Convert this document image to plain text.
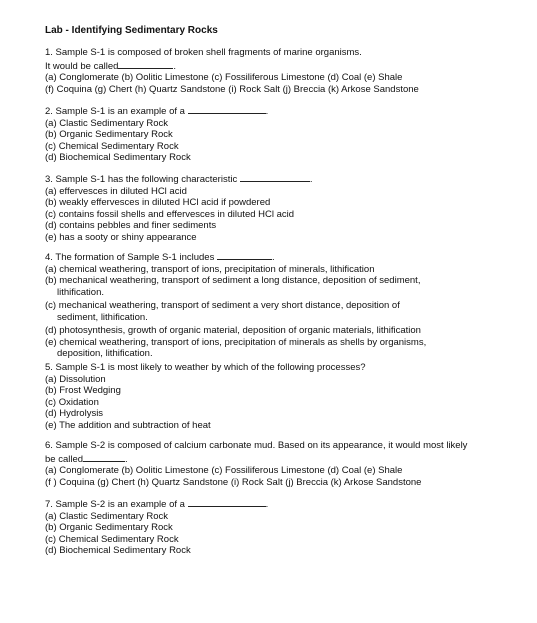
Lab - Identifying Sedimentary Rocks
1. Sample S-1 is composed of broken shell fragments of marine organisms.
It would be called	.
(a) Conglomerate (b) Oolitic Limestone (c) Fossiliferous Limestone (d) Coal (e) Shale
(f) Coquina (g) Chert (h) Quartz Sandstone (i) Rock Salt (j) Breccia (k) Arkose Sandstone
2. Sample S-1 is an example of a	.
(a) Clastic Sedimentary Rock
(b) Organic Sedimentary Rock
(c) Chemical Sedimentary Rock
(d) Biochemical Sedimentary Rock
3. Sample S-1 has the following characteristic	.
(a) effervesces in diluted HCl acid
(b) weakly effervesces in diluted HCl acid if powdered
(c) contains fossil shells and effervesces in diluted HCl acid
(d) contains pebbles and finer sediments
(e) has a sooty or shiny appearance
4. The formation of Sample S-1 includes	.
(a) chemical weathering, transport of ions, precipitation of minerals, lithification
(b) mechanical weathering, transport of sediment a long distance, deposition of sediment,
lithification.
(c) mechanical weathering, transport of sediment a very short distance, deposition of
sediment, lithification.
(d) photosynthesis, growth of organic material, deposition of organic materials, lithification
(e) chemical weathering, transport of ions, precipitation of minerals as shells by organisms,
deposition, lithification.
5. Sample S-1 is most likely to weather by which of the following processes?
(a) Dissolution
(b) Frost Wedging
(c) Oxidation
(d) Hydrolysis
(e) The addition and subtraction of heat
6. Sample S-2 is composed of calcium carbonate mud. Based on its appearance, it would most likely
be called	.
(a) Conglomerate (b) Oolitic Limestone (c) Fossiliferous Limestone (d) Coal (e) Shale
(f ) Coquina (g) Chert (h) Quartz Sandstone (i) Rock Salt (j) Breccia (k) Arkose Sandstone
7. Sample S-2 is an example of a	.
(a) Clastic Sedimentary Rock
(b) Organic Sedimentary Rock
(c) Chemical Sedimentary Rock
(d) Biochemical Sedimentary Rock
